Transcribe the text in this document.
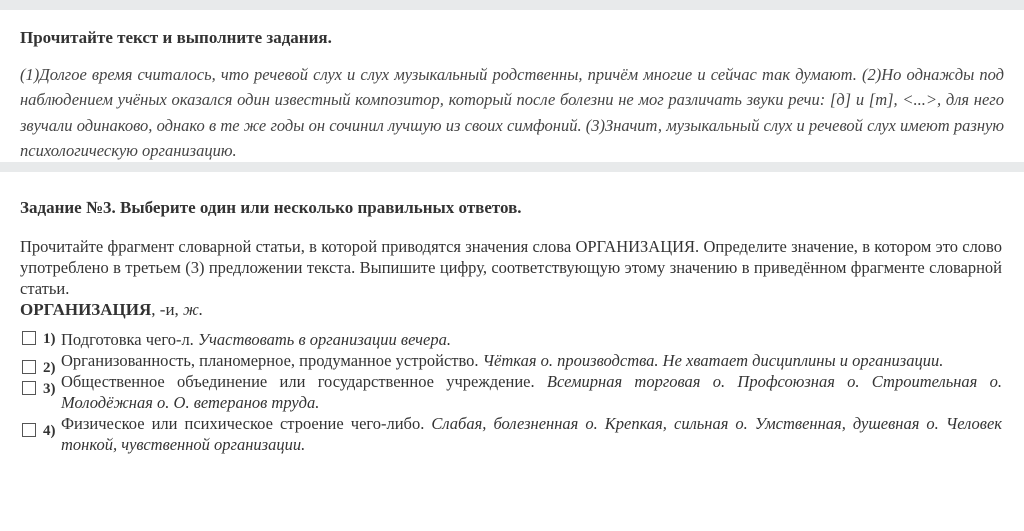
Прочитайте текст и выполните задания.

(1)Долгое время считалось, что речевой слух и слух музыкальный родственны, причём многие и сейчас так думают. (2)Но однажды под наблюдением учёных оказался один известный композитор, который после болезни не мог различать звуки речи: [д] и [т], <...>, для него звучали одинаково, однако в те же годы он сочинил лучшую из своих симфоний. (3)Значит, музыкальный слух и речевой слух имеют разную психологическую организацию.

Задание №3. Выберите один или несколько правильных ответов.

Прочитайте фрагмент словарной статьи, в которой приводятся значения слова ОРГАНИЗАЦИЯ. Определите значение, в котором это слово употреблено в третьем (3) предложении текста. Выпишите цифру, соответствующую этому значению в приведённом фрагменте словарной статьи.
ОРГАНИЗАЦИЯ, -и, ж.
1) Подготовка чего-л. Участвовать в организации вечера.
2) Организованность, планомерное, продуманное устройство. Чёткая о. производства. Не хватает дисциплины и организации.
3) Общественное объединение или государственное учреждение. Всемирная торговая о. Профсоюзная о. Строительная о. Молодёжная о. О. ветеранов труда.
4) Физическое или психическое строение чего-либо. Слабая, болезненная о. Крепкая, сильная о. Умственная, душевная о. Человек тонкой, чувственной организации.
